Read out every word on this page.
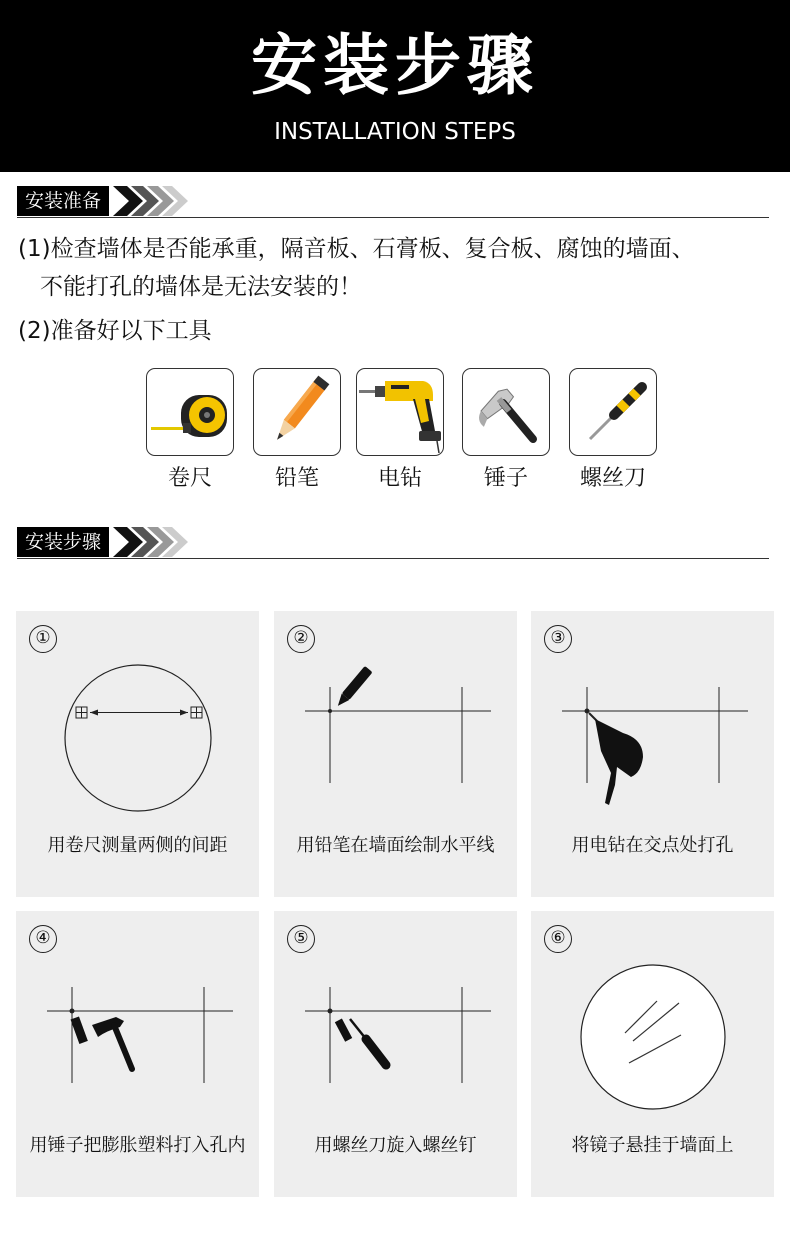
安装步骤
INSTALLATION STEPS
安装准备
(1)检查墙体是否能承重，隔音板、石膏板、复合板、腐蚀的墙面、
不能打孔的墙体是无法安装的！
(2)准备好以下工具
卷尺	铅笔	电钻	锤子	螺丝刀
安装步骤
①
用卷尺测量两侧的间距
②
用铅笔在墙面绘制水平线
③
用电钻在交点处打孔
④
用锤子把膨胀塑料打入孔内
⑤
用螺丝刀旋入螺丝钉
⑥
将镜子悬挂于墙面上
